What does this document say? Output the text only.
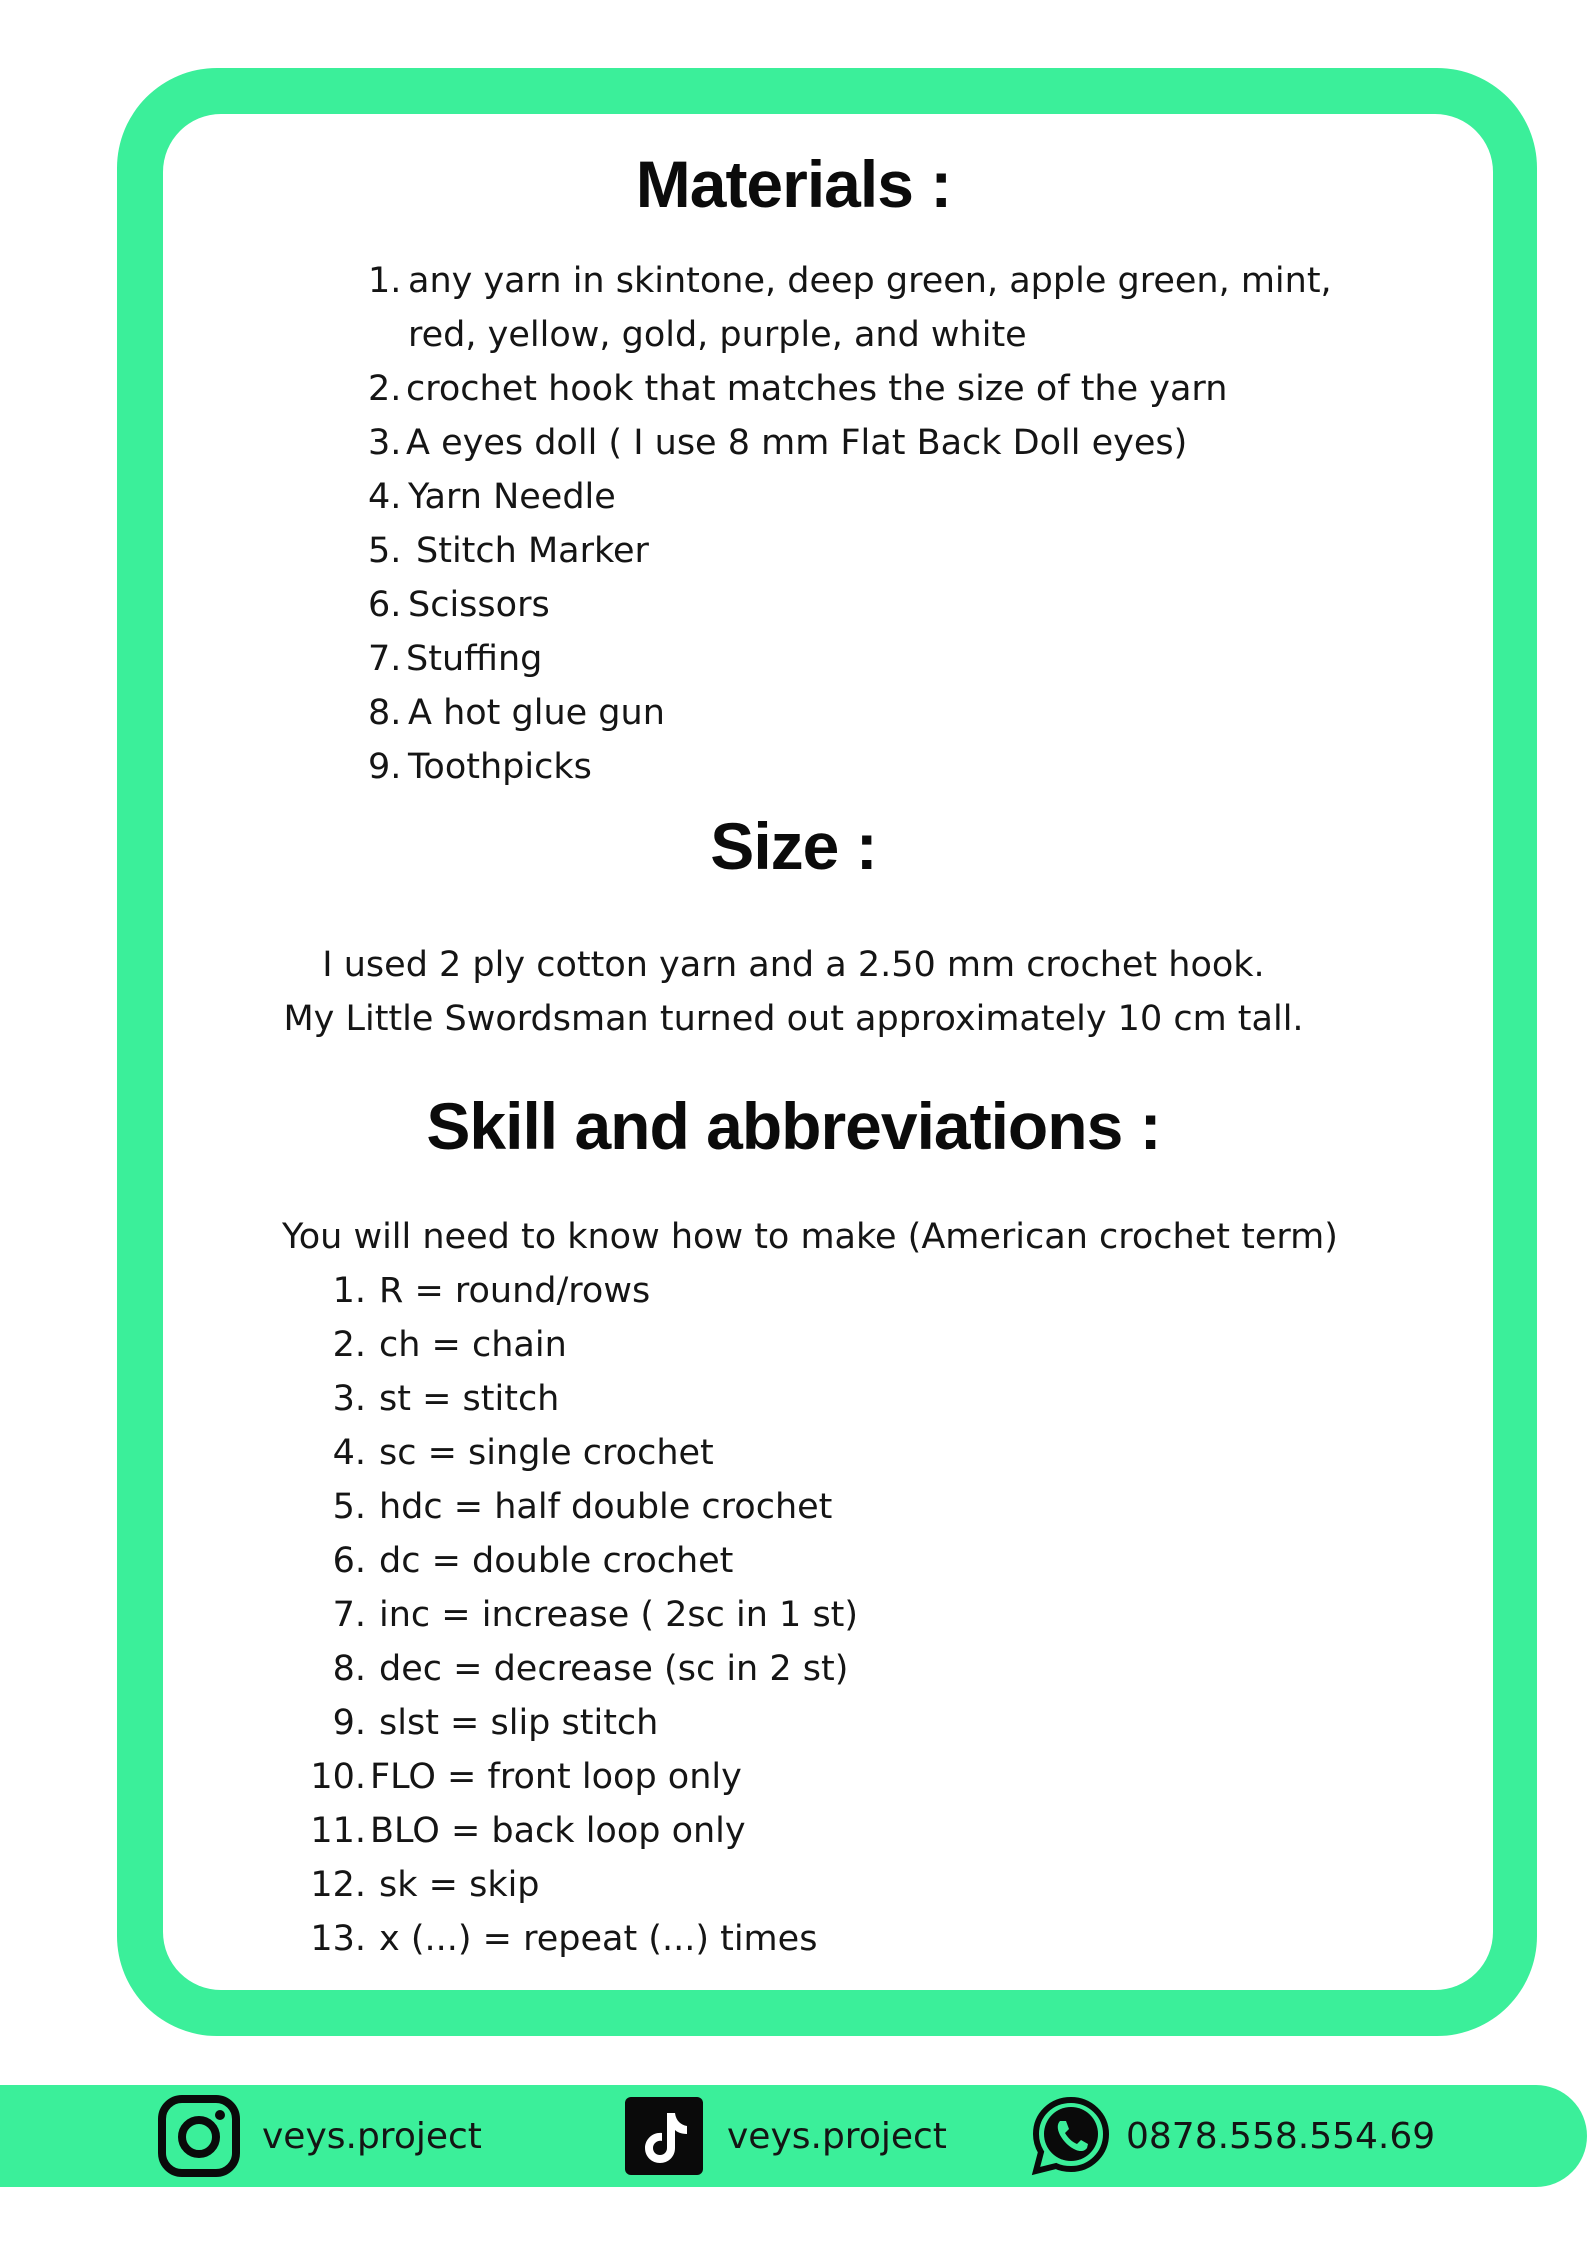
Materials :
1. any yarn in skintone, deep green, apple green, mint,
red, yellow, gold, purple, and white
2. crochet hook that matches the size of the yarn
3. A eyes doll ( I use 8 mm Flat Back Doll eyes)
4. Yarn Needle
5. Stitch Marker
6. Scissors
7. Stuffing
8. A hot glue gun
9. Toothpicks
Size :
I used 2 ply cotton yarn and a 2.50 mm crochet hook.
My Little Swordsman turned out approximately 10 cm tall.
Skill and abbreviations :
You will need to know how to make (American crochet term)
1. R = round/rows
2. ch = chain
3. st = stitch
4. sc = single crochet
5. hdc = half double crochet
6. dc = double crochet
7. inc = increase ( 2sc in 1 st)
8. dec = decrease (sc in 2 st)
9. slst = slip stitch
10. FLO = front loop only
11. BLO = back loop only
12. sk = skip
13. x (...) = repeat (...) times
veys.project	veys.project	0878.558.554.69
